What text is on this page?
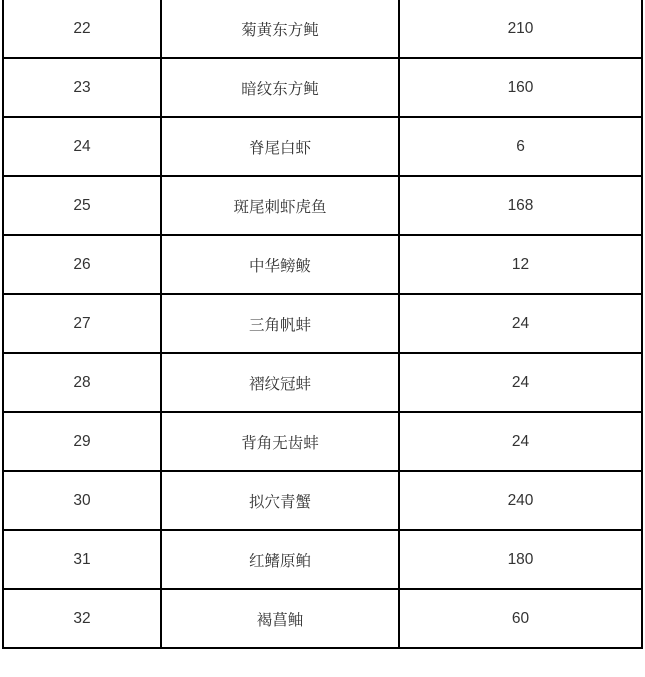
22	菊黄东方鲀	210
23	暗纹东方鲀	160
24	脊尾白虾	6
25	斑尾刺虾虎鱼	168
26	中华鳑鲏	12
27	三角帆蚌	24
28	褶纹冠蚌	24
29	背角无齿蚌	24
30	拟穴青蟹	240
31	红鳍原鲌	180
32	褐菖鲉	60
